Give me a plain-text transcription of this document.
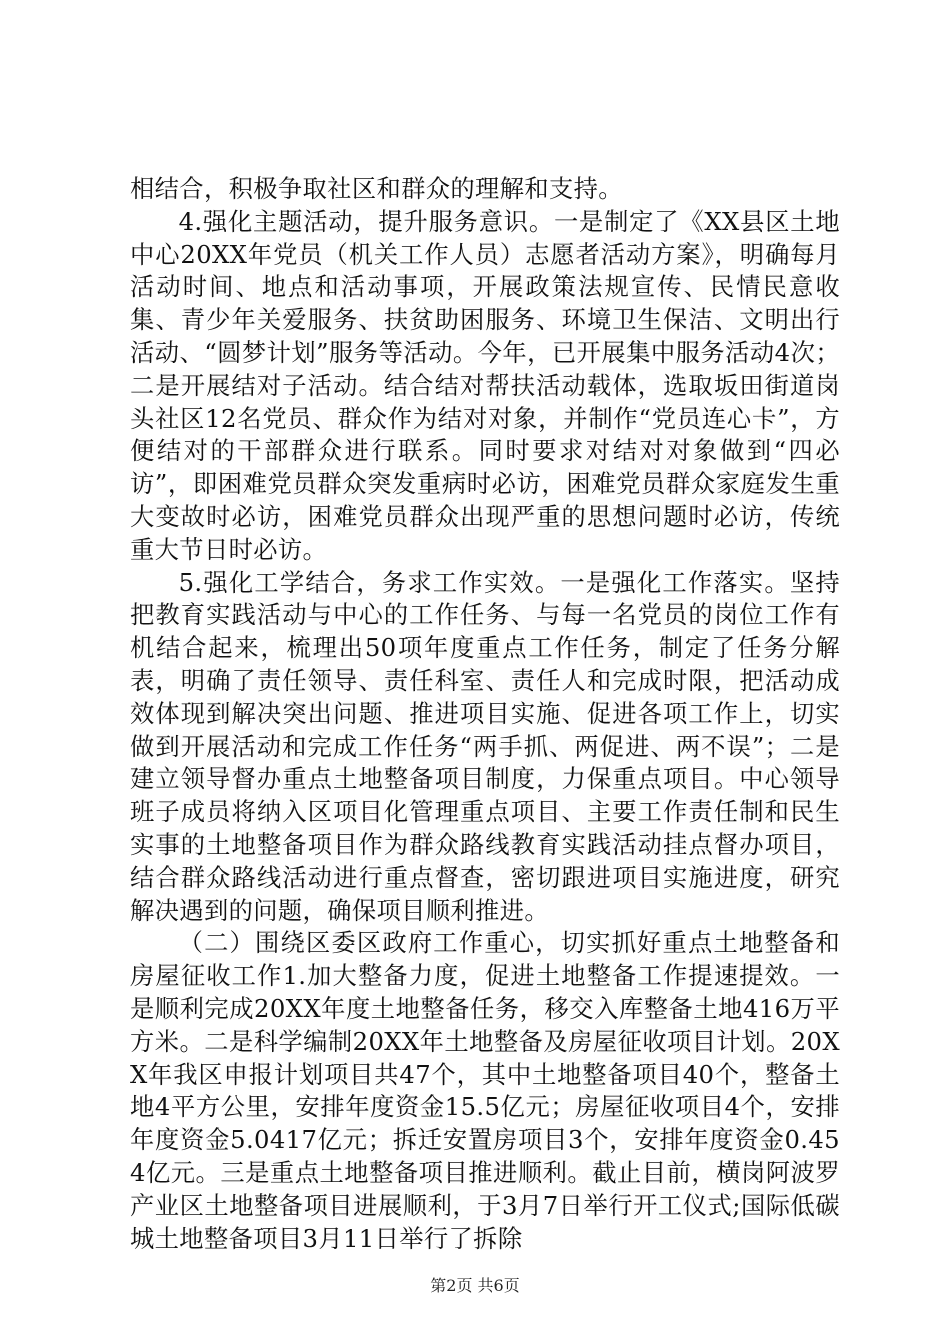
相结合，积极争取社区和群众的理解和支持。

4.强化主题活动，提升服务意识。一是制定了《XX县区土地中心20XX年党员（机关工作人员）志愿者活动方案》，明确每月活动时间、地点和活动事项，开展政策法规宣传、民情民意收集、青少年关爱服务、扶贫助困服务、环境卫生保洁、文明出行活动、“圆梦计划”服务等活动。今年，已开展集中服务活动4次；二是开展结对子活动。结合结对帮扶活动载体，选取坂田街道岗头社区12名党员、群众作为结对对象，并制作“党员连心卡”，方便结对的干部群众进行联系。同时要求对结对对象做到“四必访”，即困难党员群众突发重病时必访，困难党员群众家庭发生重大变故时必访，困难党员群众出现严重的思想问题时必访，传统重大节日时必访。

5.强化工学结合，务求工作实效。一是强化工作落实。坚持把教育实践活动与中心的工作任务、与每一名党员的岗位工作有机结合起来，梳理出50项年度重点工作任务，制定了任务分解表，明确了责任领导、责任科室、责任人和完成时限，把活动成效体现到解决突出问题、推进项目实施、促进各项工作上，切实做到开展活动和完成工作任务“两手抓、两促进、两不误”；二是建立领导督办重点土地整备项目制度，力保重点项目。中心领导班子成员将纳入区项目化管理重点项目、主要工作责任制和民生实事的土地整备项目作为群众路线教育实践活动挂点督办项目，结合群众路线活动进行重点督查，密切跟进项目实施进度，研究解决遇到的问题，确保项目顺利推进。

（二）围绕区委区政府工作重心，切实抓好重点土地整备和房屋征收工作1.加大整备力度，促进土地整备工作提速提效。一是顺利完成20XX年度土地整备任务，移交入库整备土地416万平方米。二是科学编制20XX年土地整备及房屋征收项目计划。20XX年我区申报计划项目共47个，其中土地整备项目40个，整备土地4平方公里，安排年度资金15.5亿元；房屋征收项目4个，安排年度资金5.0417亿元；拆迁安置房项目3个，安排年度资金0.454亿元。三是重点土地整备项目推进顺利。截止目前，横岗阿波罗产业区土地整备项目进展顺利，于3月7日举行开工仪式;国际低碳城土地整备项目3月11日举行了拆除

第2页 共6页
